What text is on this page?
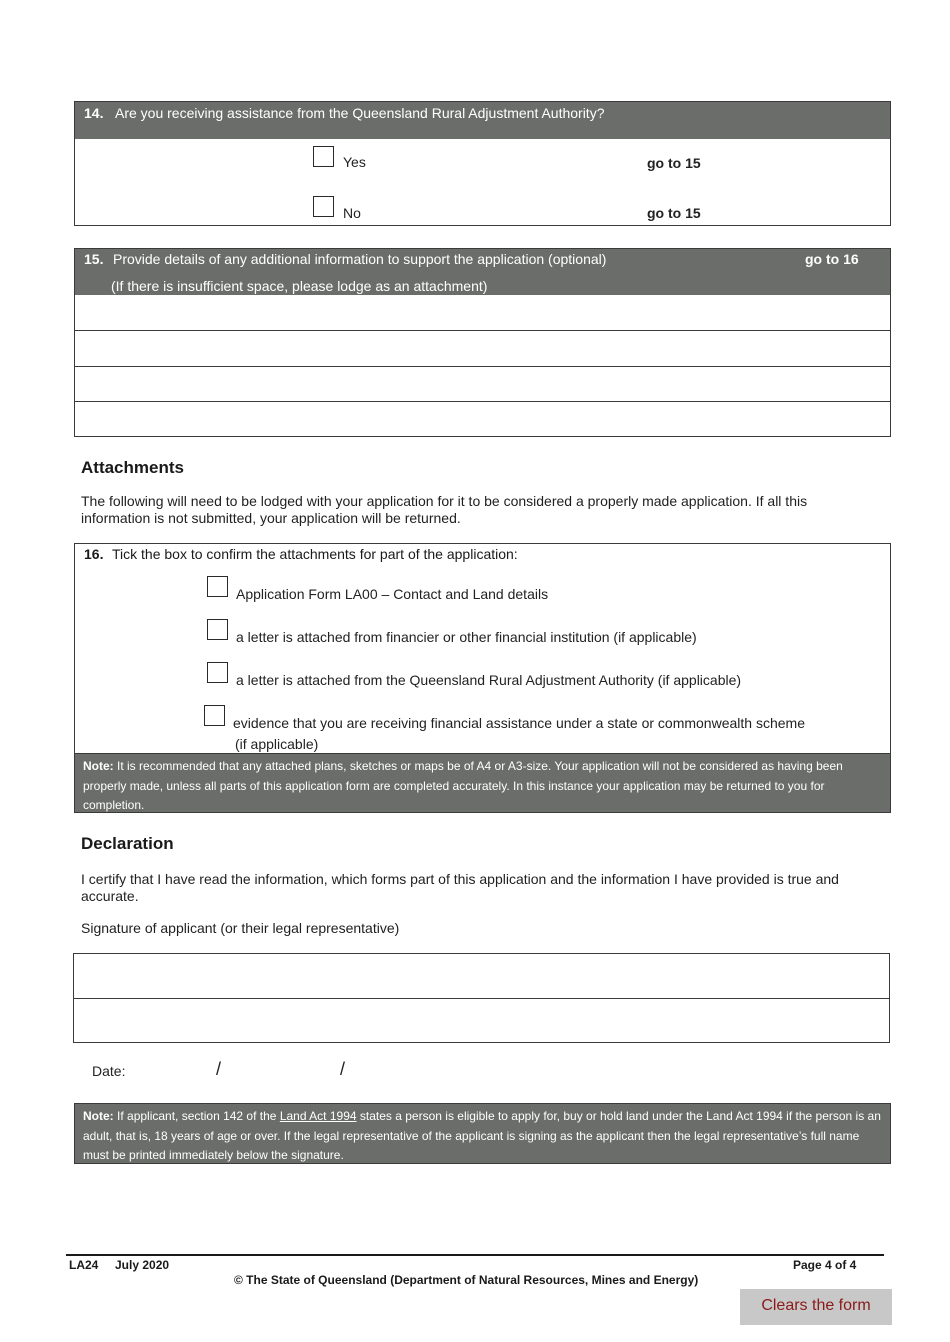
14. Are you receiving assistance from the Queensland Rural Adjustment Authority?
Yes	go to 15
No	go to 15
15. Provide details of any additional information to support the application (optional)	go to 16
(If there is insufficient space, please lodge as an attachment)
Attachments
The following will need to be lodged with your application for it to be considered a properly made application. If all this information is not submitted, your application will be returned.
16. Tick the box to confirm the attachments for part of the application:
Application Form LA00 – Contact and Land details
a letter is attached from financier or other financial institution (if applicable)
a letter is attached from the Queensland Rural Adjustment Authority (if applicable)
evidence that you are receiving financial assistance under a state or commonwealth scheme
(if applicable)
Note: It is recommended that any attached plans, sketches or maps be of A4 or A3-size. Your application will not be considered as having been properly made, unless all parts of this application form are completed accurately. In this instance your application may be returned to you for completion.
Declaration
I certify that I have read the information, which forms part of this application and the information I have provided is true and accurate.
Signature of applicant (or their legal representative)
Date:	/	/
Note: If applicant, section 142 of the Land Act 1994 states a person is eligible to apply for, buy or hold land under the Land Act 1994 if the person is an adult, that is, 18 years of age or over. If the legal representative of the applicant is signing as the applicant then the legal representative’s full name must be printed immediately below the signature.
LA24 July 2020	Page 4 of 4
© The State of Queensland (Department of Natural Resources, Mines and Energy)
Clears the form
